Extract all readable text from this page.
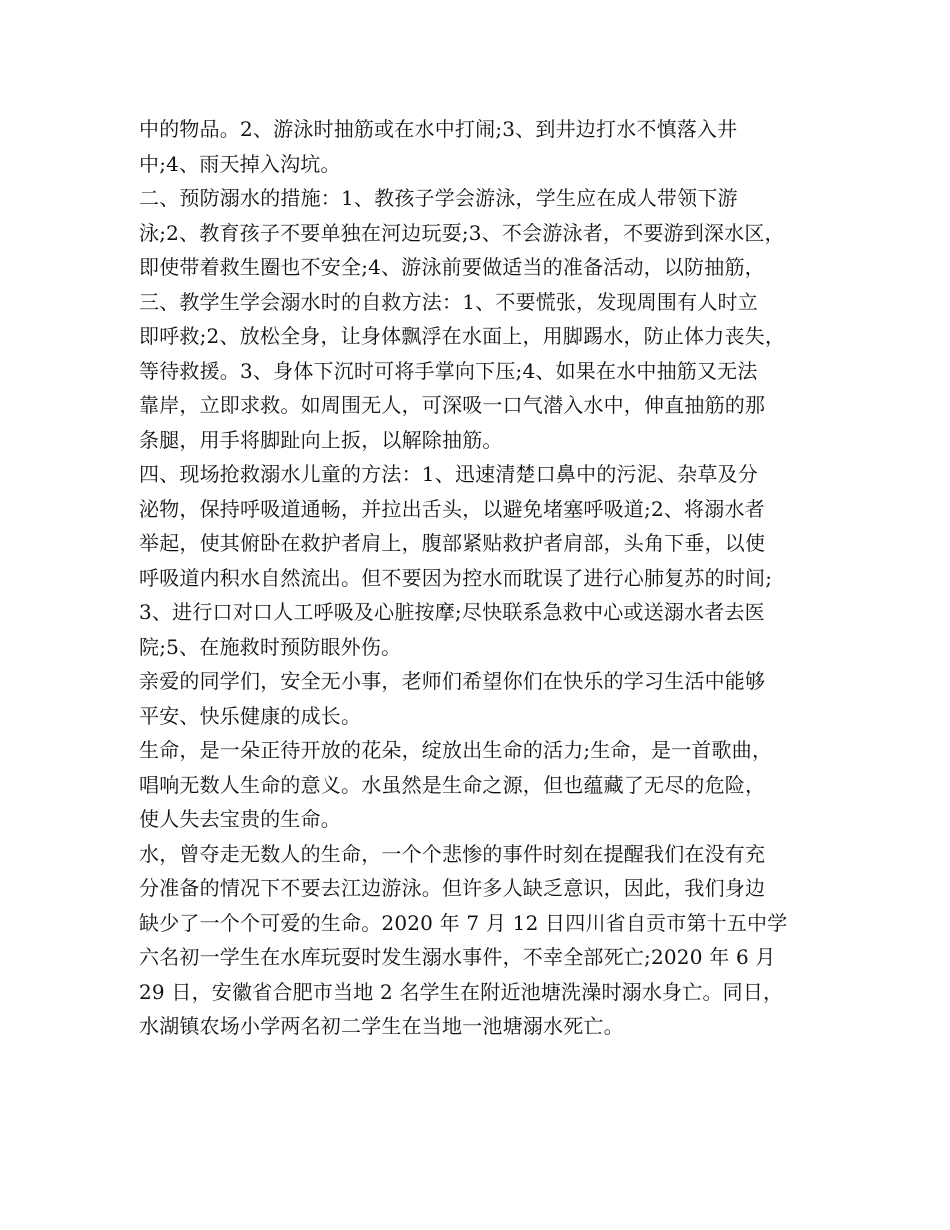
中的物品。2、游泳时抽筋或在水中打闹;3、到井边打水不慎落入井
中;4、雨天掉入沟坑。
二、预防溺水的措施：1、教孩子学会游泳，学生应在成人带领下游
泳;2、教育孩子不要单独在河边玩耍;3、不会游泳者，不要游到深水区，
即使带着救生圈也不安全;4、游泳前要做适当的准备活动，以防抽筋，
三、教学生学会溺水时的自救方法：1、不要慌张，发现周围有人时立
即呼救;2、放松全身，让身体飘浮在水面上，用脚踢水，防止体力丧失，
等待救援。3、身体下沉时可将手掌向下压;4、如果在水中抽筋又无法
靠岸，立即求救。如周围无人，可深吸一口气潜入水中，伸直抽筋的那
条腿，用手将脚趾向上扳，以解除抽筋。
四、现场抢救溺水儿童的方法：1、迅速清楚口鼻中的污泥、杂草及分
泌物，保持呼吸道通畅，并拉出舌头，以避免堵塞呼吸道;2、将溺水者
举起，使其俯卧在救护者肩上，腹部紧贴救护者肩部，头角下垂，以使
呼吸道内积水自然流出。但不要因为控水而耽误了进行心肺复苏的时间;
3、进行口对口人工呼吸及心脏按摩;尽快联系急救中心或送溺水者去医
院;5、在施救时预防眼外伤。
亲爱的同学们，安全无小事，老师们希望你们在快乐的学习生活中能够
平安、快乐健康的成长。
生命，是一朵正待开放的花朵，绽放出生命的活力;生命，是一首歌曲，
唱响无数人生命的意义。水虽然是生命之源，但也蕴藏了无尽的危险，
使人失去宝贵的生命。
水，曾夺走无数人的生命，一个个悲惨的事件时刻在提醒我们在没有充
分准备的情况下不要去江边游泳。但许多人缺乏意识，因此，我们身边
缺少了一个个可爱的生命。2020 年 7 月 12 日四川省自贡市第十五中学
六名初一学生在水库玩耍时发生溺水事件，不幸全部死亡;2020 年 6 月
29 日，安徽省合肥市当地 2 名学生在附近池塘洗澡时溺水身亡。同日，
水湖镇农场小学两名初二学生在当地一池塘溺水死亡。
